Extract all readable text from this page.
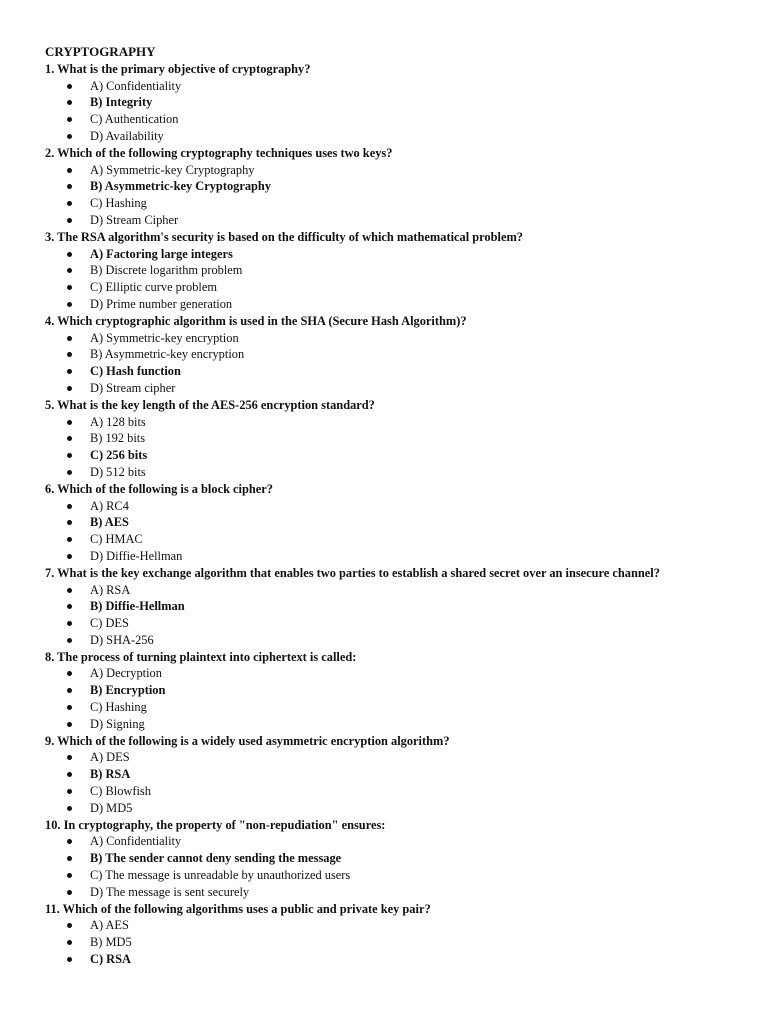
CRYPTOGRAPHY
1. What is the primary objective of cryptography?
A) Confidentiality
B) Integrity
C) Authentication
D) Availability
2. Which of the following cryptography techniques uses two keys?
A) Symmetric-key Cryptography
B) Asymmetric-key Cryptography
C) Hashing
D) Stream Cipher
3. The RSA algorithm's security is based on the difficulty of which mathematical problem?
A) Factoring large integers
B) Discrete logarithm problem
C) Elliptic curve problem
D) Prime number generation
4. Which cryptographic algorithm is used in the SHA (Secure Hash Algorithm)?
A) Symmetric-key encryption
B) Asymmetric-key encryption
C) Hash function
D) Stream cipher
5. What is the key length of the AES-256 encryption standard?
A) 128 bits
B) 192 bits
C) 256 bits
D) 512 bits
6. Which of the following is a block cipher?
A) RC4
B) AES
C) HMAC
D) Diffie-Hellman
7. What is the key exchange algorithm that enables two parties to establish a shared secret over an insecure channel?
A) RSA
B) Diffie-Hellman
C) DES
D) SHA-256
8. The process of turning plaintext into ciphertext is called:
A) Decryption
B) Encryption
C) Hashing
D) Signing
9. Which of the following is a widely used asymmetric encryption algorithm?
A) DES
B) RSA
C) Blowfish
D) MD5
10. In cryptography, the property of "non-repudiation" ensures:
A) Confidentiality
B) The sender cannot deny sending the message
C) The message is unreadable by unauthorized users
D) The message is sent securely
11. Which of the following algorithms uses a public and private key pair?
A) AES
B) MD5
C) RSA
